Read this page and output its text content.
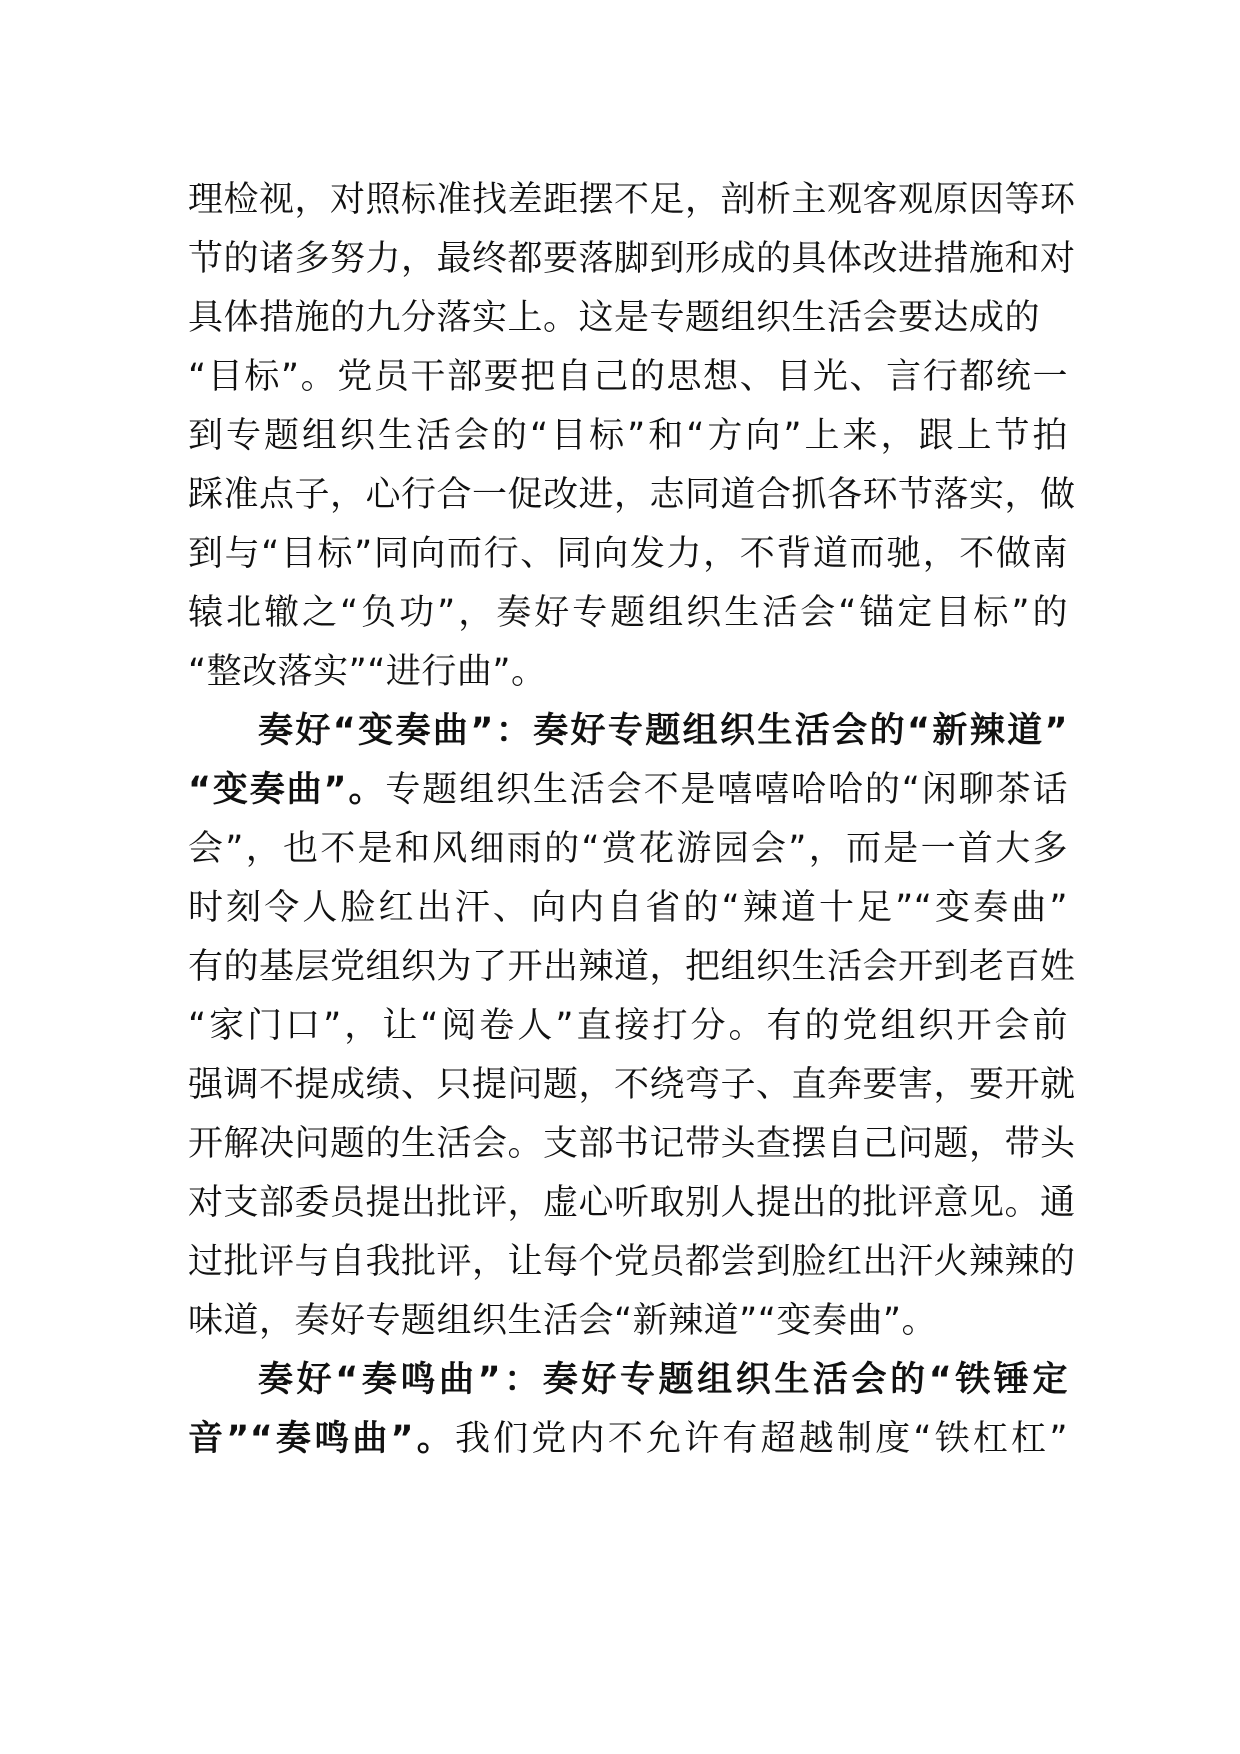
理检视，对照标准找差距摆不足，剖析主观客观原因等环
节的诸多努力，最终都要落脚到形成的具体改进措施和对
具体措施的九分落实上。这是专题组织生活会要达成的
“目标”。党员干部要把自己的思想、目光、言行都统一
到专题组织生活会的“目标”和“方向”上来，跟上节拍
踩准点子，心行合一促改进，志同道合抓各环节落实，做
到与“目标”同向而行、同向发力，不背道而驰，不做南
辕北辙之“负功”，奏好专题组织生活会“锚定目标”的
“整改落实”“进行曲”。
奏好“变奏曲”：奏好专题组织生活会的“新辣道”
“变奏曲”。专题组织生活会不是嘻嘻哈哈的“闲聊茶话
会”，也不是和风细雨的“赏花游园会”，而是一首大多
时刻令人脸红出汗、向内自省的“辣道十足”“变奏曲”
有的基层党组织为了开出辣道，把组织生活会开到老百姓
“家门口”，让“阅卷人”直接打分。有的党组织开会前
强调不提成绩、只提问题，不绕弯子、直奔要害，要开就
开解决问题的生活会。支部书记带头查摆自己问题，带头
对支部委员提出批评，虚心听取别人提出的批评意见。通
过批评与自我批评，让每个党员都尝到脸红出汗火辣辣的
味道，奏好专题组织生活会“新辣道”“变奏曲”。
奏好“奏鸣曲”：奏好专题组织生活会的“铁锤定
音”“奏鸣曲”。我们党内不允许有超越制度“铁杠杠”
